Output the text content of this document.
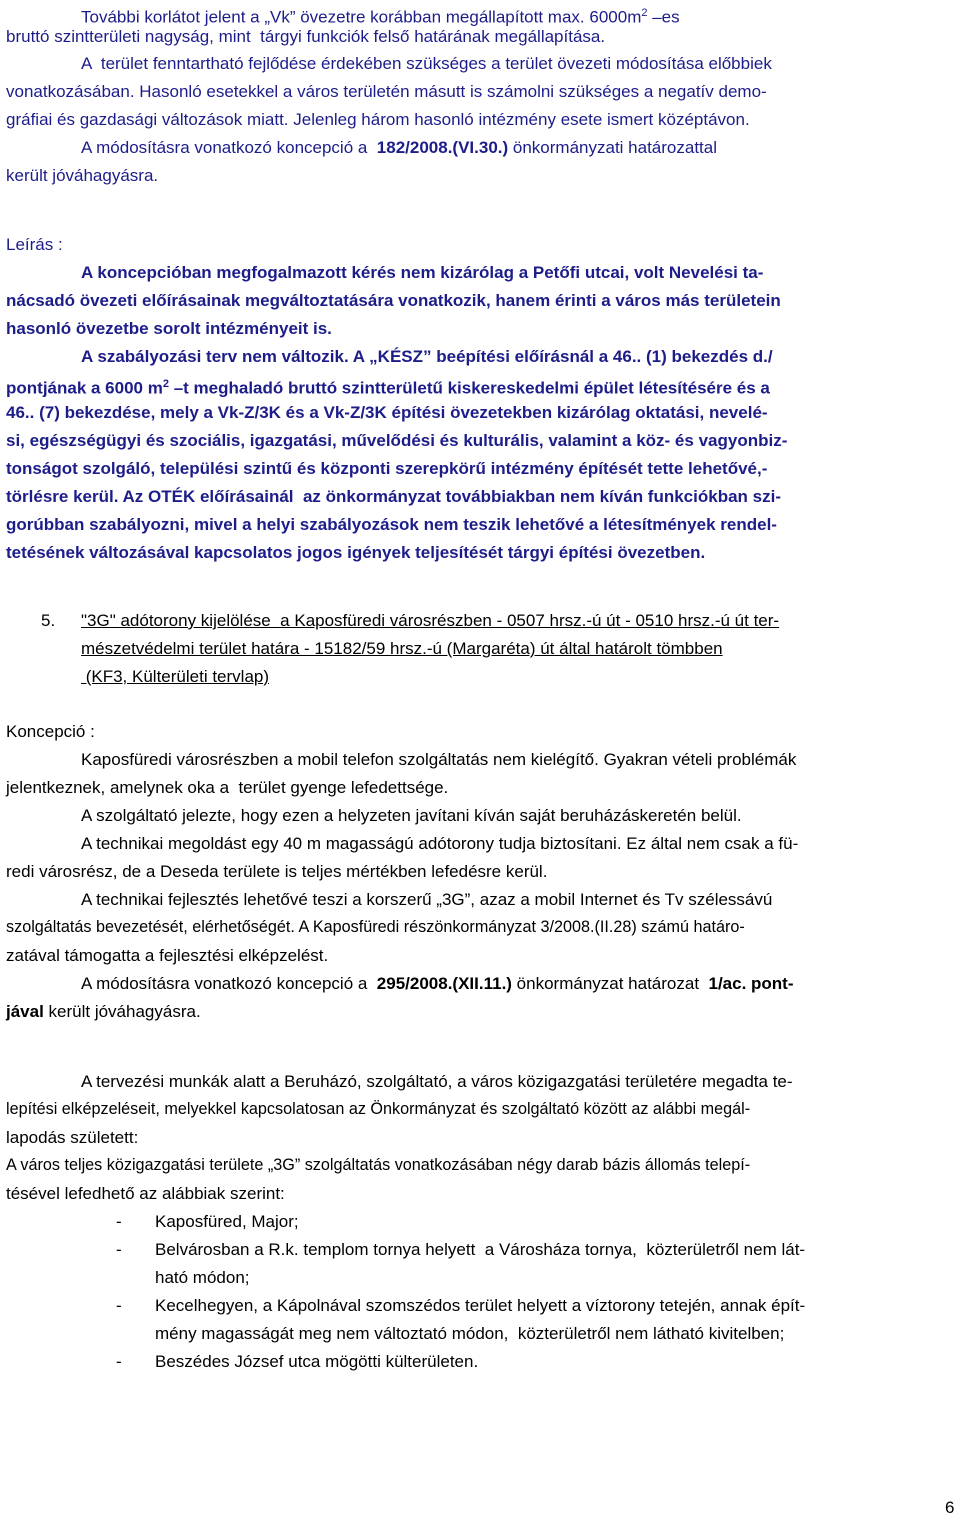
További korlátot jelent a „Vk” övezetre korábban megállapított max. $6000m^2$ –es
bruttó szintterületi nagyság, mint  tárgyi funkciók felső határának megállapítása.
A  terület fenntartható fejlődése érdekében szükséges a terület övezeti módosítása előbbiek
vonatkozásában. Hasonló esetekkel a város területén másutt is számolni szükséges a negatív demo-
gráfiai és gazdasági változások miatt. Jelenleg három hasonló intézmény esete ismert középtávon.
A módosításra vonatkozó koncepció a  182/2008.(VI.30.) önkormányzati határozattal
került jóváhagyásra.
Leírás :
A koncepcióban megfogalmazott kérés nem kizárólag a Petőfi utcai, volt Nevelési ta-
nácsadó övezeti előírásainak megváltoztatására vonatkozik, hanem érinti a város más területein
hasonló övezetbe sorolt intézményeit is.
A szabályozási terv nem változik. A „KÉSZ” beépítési előírásnál a 46.. (1) bekezdés d./
pontjának a 6000 $m^2$ –t meghaladó bruttó szintterületű kiskereskedelmi épület létesítésére és a
46.. (7) bekezdése, mely a Vk-Z/3K és a Vk-Z/3K építési övezetekben kizárólag oktatási, nevelé-
si, egészségügyi és szociális, igazgatási, művelődési és kulturális, valamint a köz- és vagyonbiz-
tonságot szolgáló, települési szintű és központi szerepkörű intézmény építését tette lehetővé,-
törlésre kerül. Az OTÉK előírásainál  az önkormányzat továbbiakban nem kíván funkciókban szi-
gorúbban szabályozni, mivel a helyi szabályozások nem teszik lehetővé a létesítmények rendel-
tetésének változásával kapcsolatos jogos igények teljesítését tárgyi építési övezetben.
5. "3G" adótorony kijelölése  a Kaposfüredi városrészben - 0507 hrsz.-ú út - 0510 hrsz.-ú út ter-
mészetvédelmi terület határa - 15182/59 hrsz.-ú (Margaréta) út által határolt tömbben
(KF3, Külterületi tervlap)
Koncepció :
Kaposfüredi városrészben a mobil telefon szolgáltatás nem kielégítő. Gyakran vételi problémák
jelentkeznek, amelynek oka a  terület gyenge lefedettsége.
A szolgáltató jelezte, hogy ezen a helyzeten javítani kíván saját beruházáskeretén belül.
A technikai megoldást egy 40 m magasságú adótorony tudja biztosítani. Ez által nem csak a fü-
redi városrész, de a Deseda területe is teljes mértékben lefedésre kerül.
A technikai fejlesztés lehetővé teszi a korszerű „3G”, azaz a mobil Internet és Tv szélessávú
szolgáltatás bevezetését, elérhetőségét. A Kaposfüredi részönkormányzat 3/2008.(II.28) számú határo-
zatával támogatta a fejlesztési elképzelést.
A módosításra vonatkozó koncepció a  295/2008.(XII.11.) önkormányzat határozat  1/ac. pont-
jával került jóváhagyásra.
A tervezési munkák alatt a Beruházó, szolgáltató, a város közigazgatási területére megadta te-
lepítési elképzeléseit, melyekkel kapcsolatosan az Önkormányzat és szolgáltató között az alábbi megál-
lapodás született:
A város teljes közigazgatási területe „3G” szolgáltatás vonatkozásában négy darab bázis állomás telepí-
tésével lefedhető az alábbiak szerint:
- Kaposfüred, Major;
- Belvárosban a R.k. templom tornya helyett  a Városháza tornya,  közterületről nem lát-
ható módon;
- Kecelhegyen, a Kápolnával szomszédos terület helyett a víztorony tetején, annak épít-
mény magasságát meg nem változtató módon,  közterületről nem látható kivitelben;
- Beszédes József utca mögötti külterületen.
6
